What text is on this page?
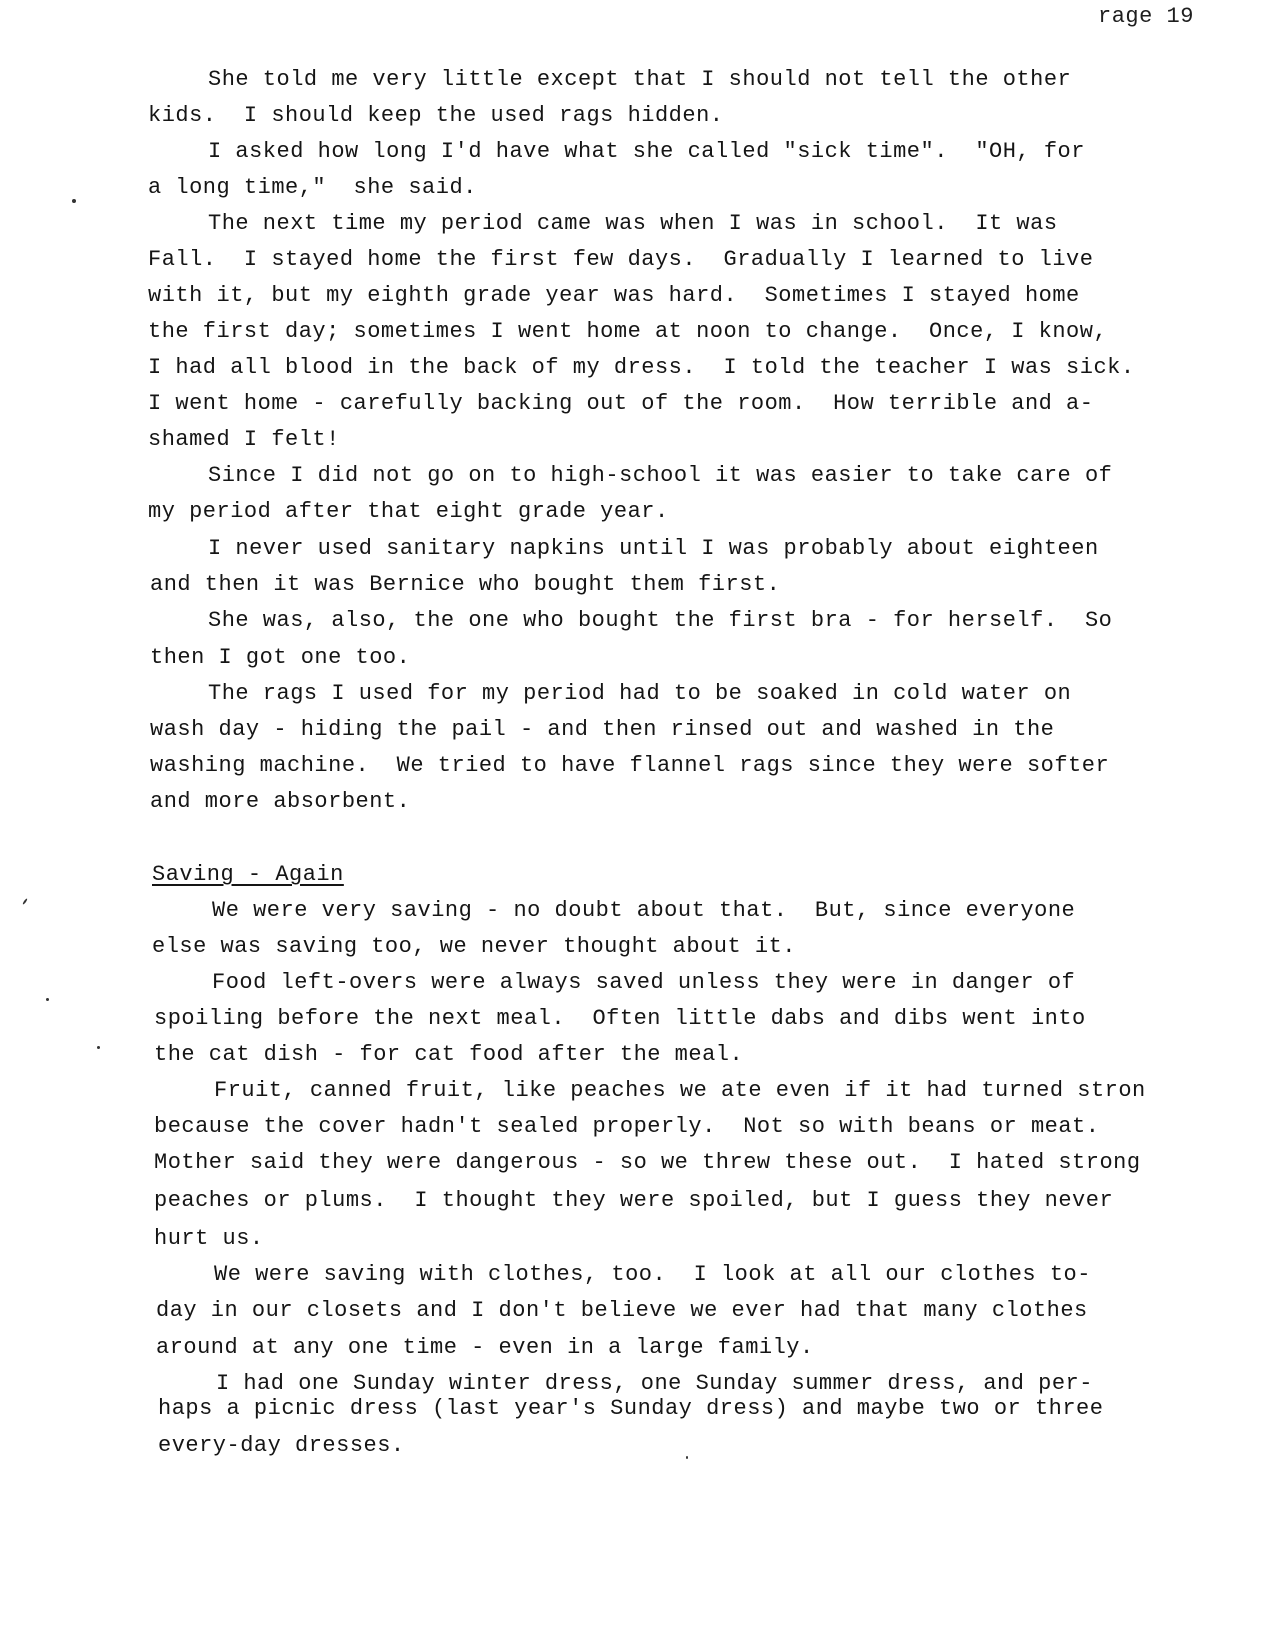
rage 19
She told me very little except that I should not tell the other
kids.  I should keep the used rags hidden.
I asked how long I'd have what she called "sick time".  "OH, for
a long time,"  she said.
The next time my period came was when I was in school.  It was
Fall.  I stayed home the first few days.  Gradually I learned to live
with it, but my eighth grade year was hard.  Sometimes I stayed home
the first day; sometimes I went home at noon to change.  Once, I know,
I had all blood in the back of my dress.  I told the teacher I was sick.
I went home - carefully backing out of the room.  How terrible and a-
shamed I felt!
Since I did not go on to high-school it was easier to take care of
my period after that eight grade year.
I never used sanitary napkins until I was probably about eighteen
and then it was Bernice who bought them first.
She was, also, the one who bought the first bra - for herself.  So
then I got one too.
The rags I used for my period had to be soaked in cold water on
wash day - hiding the pail - and then rinsed out and washed in the
washing machine.  We tried to have flannel rags since they were softer
and more absorbent.
Saving - Again
We were very saving - no doubt about that.  But, since everyone
else was saving too, we never thought about it.
Food left-overs were always saved unless they were in danger of
spoiling before the next meal.  Often little dabs and dibs went into
the cat dish - for cat food after the meal.
Fruit, canned fruit, like peaches we ate even if it had turned stron
because the cover hadn't sealed properly.  Not so with beans or meat.
Mother said they were dangerous - so we threw these out.  I hated strong
peaches or plums.  I thought they were spoiled, but I guess they never
hurt us.
We were saving with clothes, too.  I look at all our clothes to-
day in our closets and I don't believe we ever had that many clothes
around at any one time - even in a large family.
I had one Sunday winter dress, one Sunday summer dress, and per-
haps a picnic dress (last year's Sunday dress) and maybe two or three
every-day dresses.
